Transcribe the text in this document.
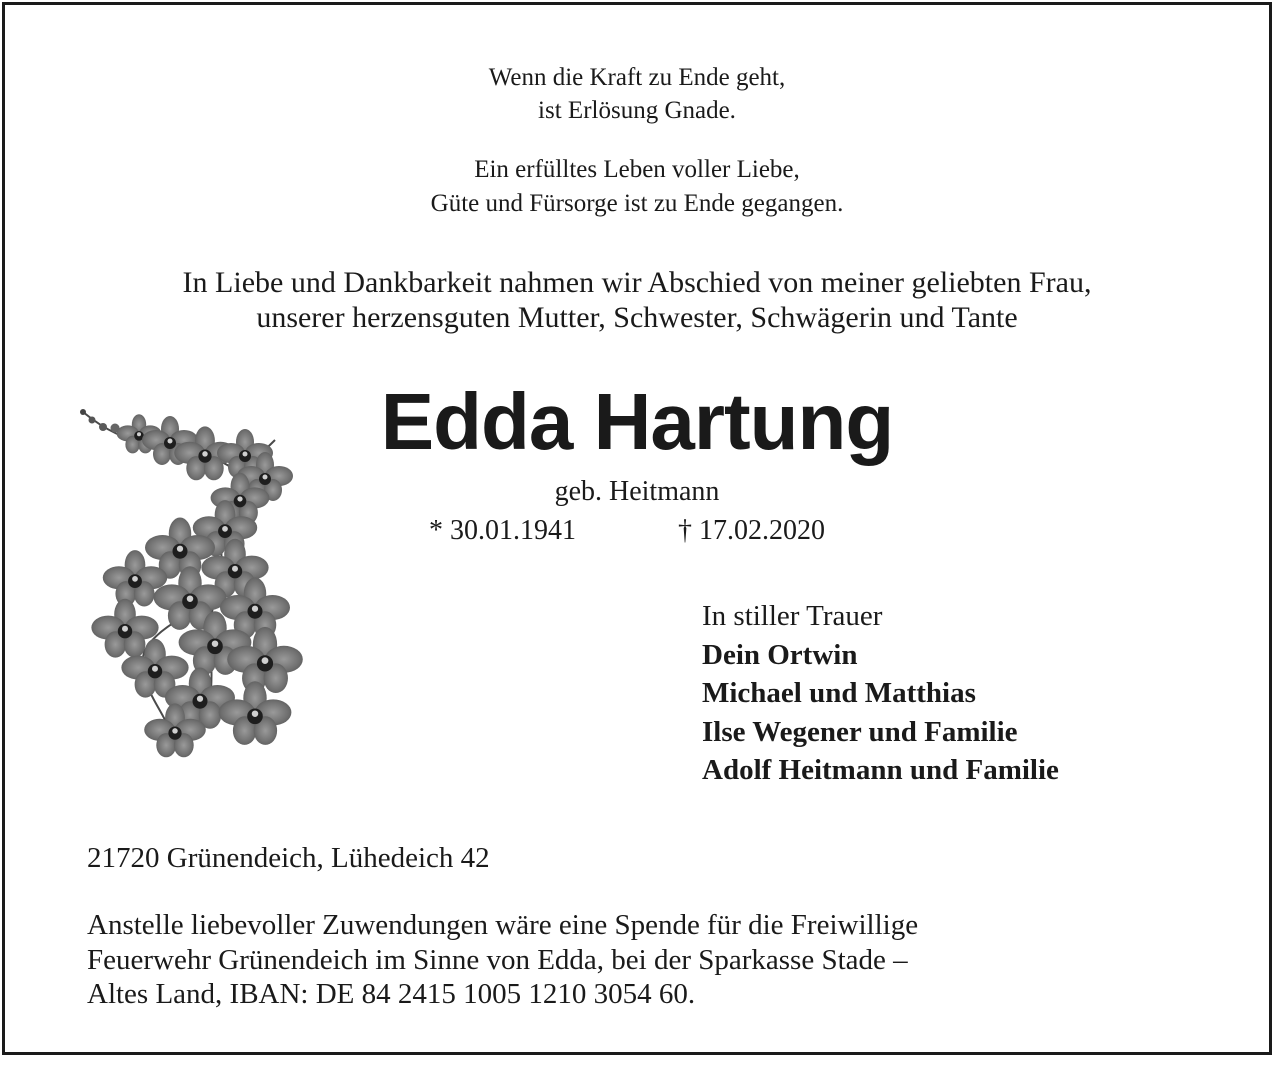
Wenn die Kraft zu Ende geht,
ist Erlösung Gnade.
Ein erfülltes Leben voller Liebe,
Güte und Fürsorge ist zu Ende gegangen.
In Liebe und Dankbarkeit nahmen wir Abschied von meiner geliebten Frau,
unserer herzensguten Mutter, Schwester, Schwägerin und Tante
Edda Hartung
geb. Heitmann
* 30.01.1941	† 17.02.2020
In stiller Trauer
Dein Ortwin
Michael und Matthias
Ilse Wegener und Familie
Adolf Heitmann und Familie
21720 Grünendeich, Lühedeich 42
Anstelle liebevoller Zuwendungen wäre eine Spende für die Freiwillige
Feuerwehr Grünendeich im Sinne von Edda, bei der Sparkasse Stade –
Altes Land, IBAN: DE 84 2415 1005 1210 3054 60.
